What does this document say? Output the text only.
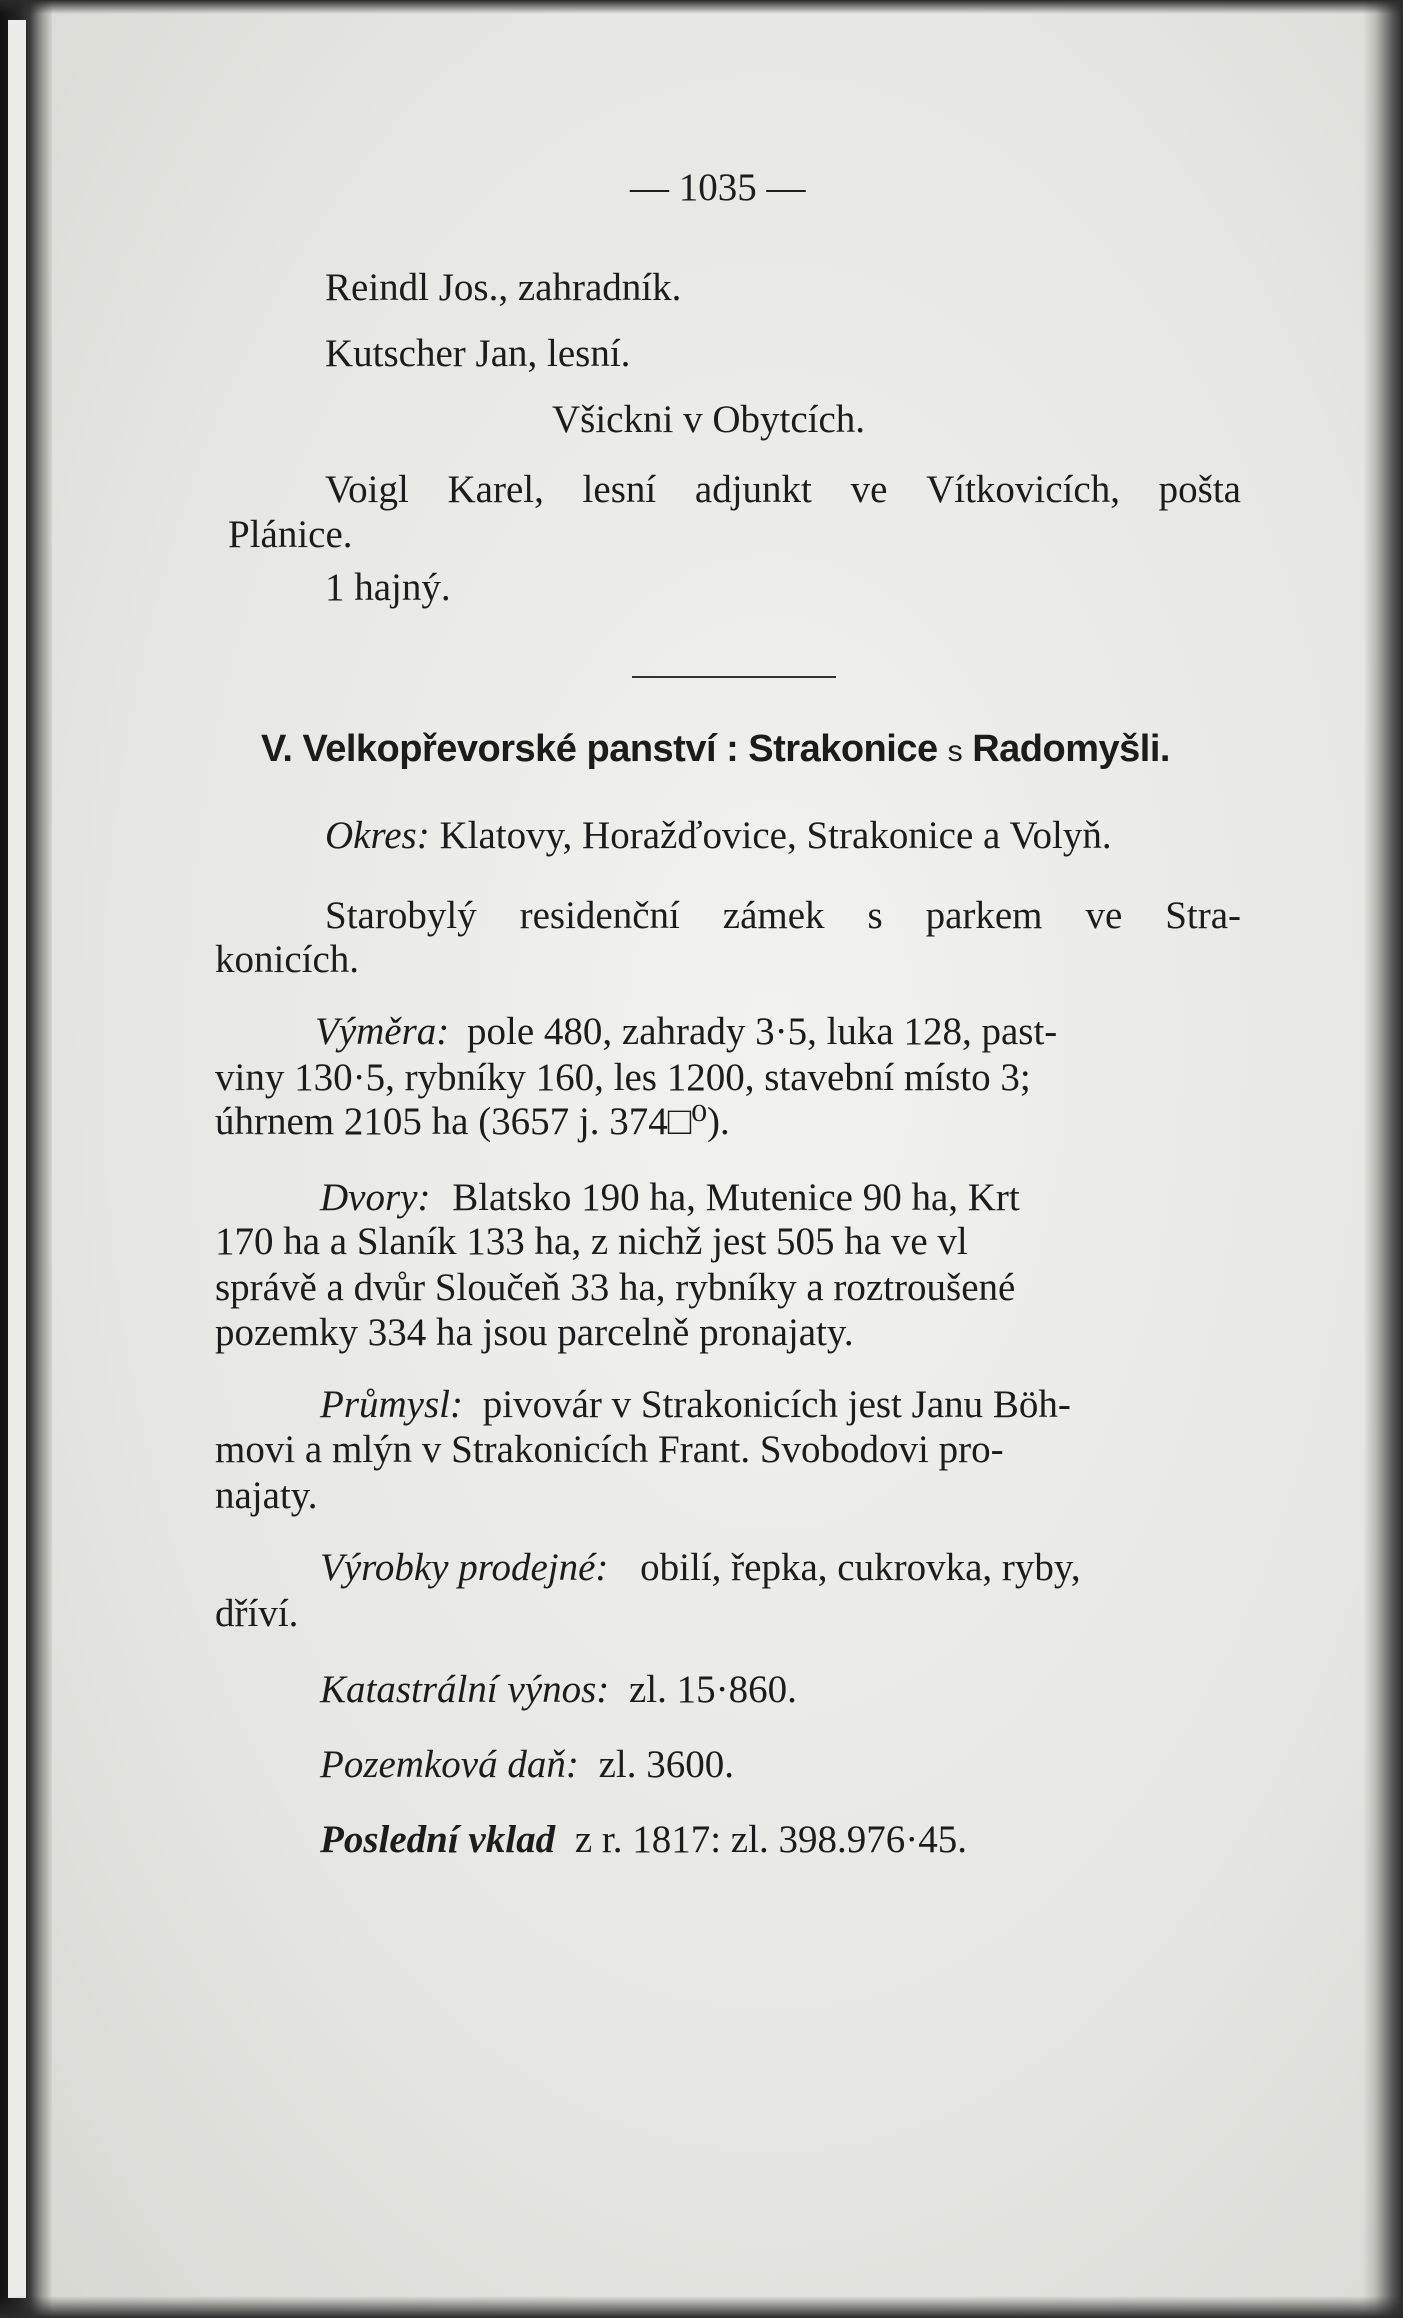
— 1035 —
Reindl Jos., zahradník.
Kutscher Jan, lesní.
Všickni v Obytcích.
Voigl Karel, lesní adjunkt ve Vítkovicích, pošta
Plánice.
1 hajný.
V. Velkopřevorské panství : Strakonice s Radomyšli.
Okres: Klatovy, Horažďovice, Strakonice a Volyň.
Starobylý residenční zámek s parkem ve Stra-
konicích.
Výměra: pole 480, zahrady 3·5, luka 128, past-
viny 130·5, rybníky 160, les 1200, stavební místo 3;
úhrnem 2105 ha (3657 j. 374□⁰).
Dvory: Blatsko 190 ha, Mutenice 90 ha, Krt
170 ha a Slaník 133 ha, z nichž jest 505 ha ve vl
správě a dvůr Sloučeň 33 ha, rybníky a roztroušené
pozemky 334 ha jsou parcelně pronajaty.
Průmysl: pivovár v Strakonicích jest Janu Böh-
movi a mlýn v Strakonicích Frant. Svobodovi pro-
najaty.
Výrobky prodejné: obilí, řepka, cukrovka, ryby,
dříví.
Katastrální výnos: zl. 15·860.
Pozemková daň: zl. 3600.
Poslední vklad z r. 1817: zl. 398.976·45.
